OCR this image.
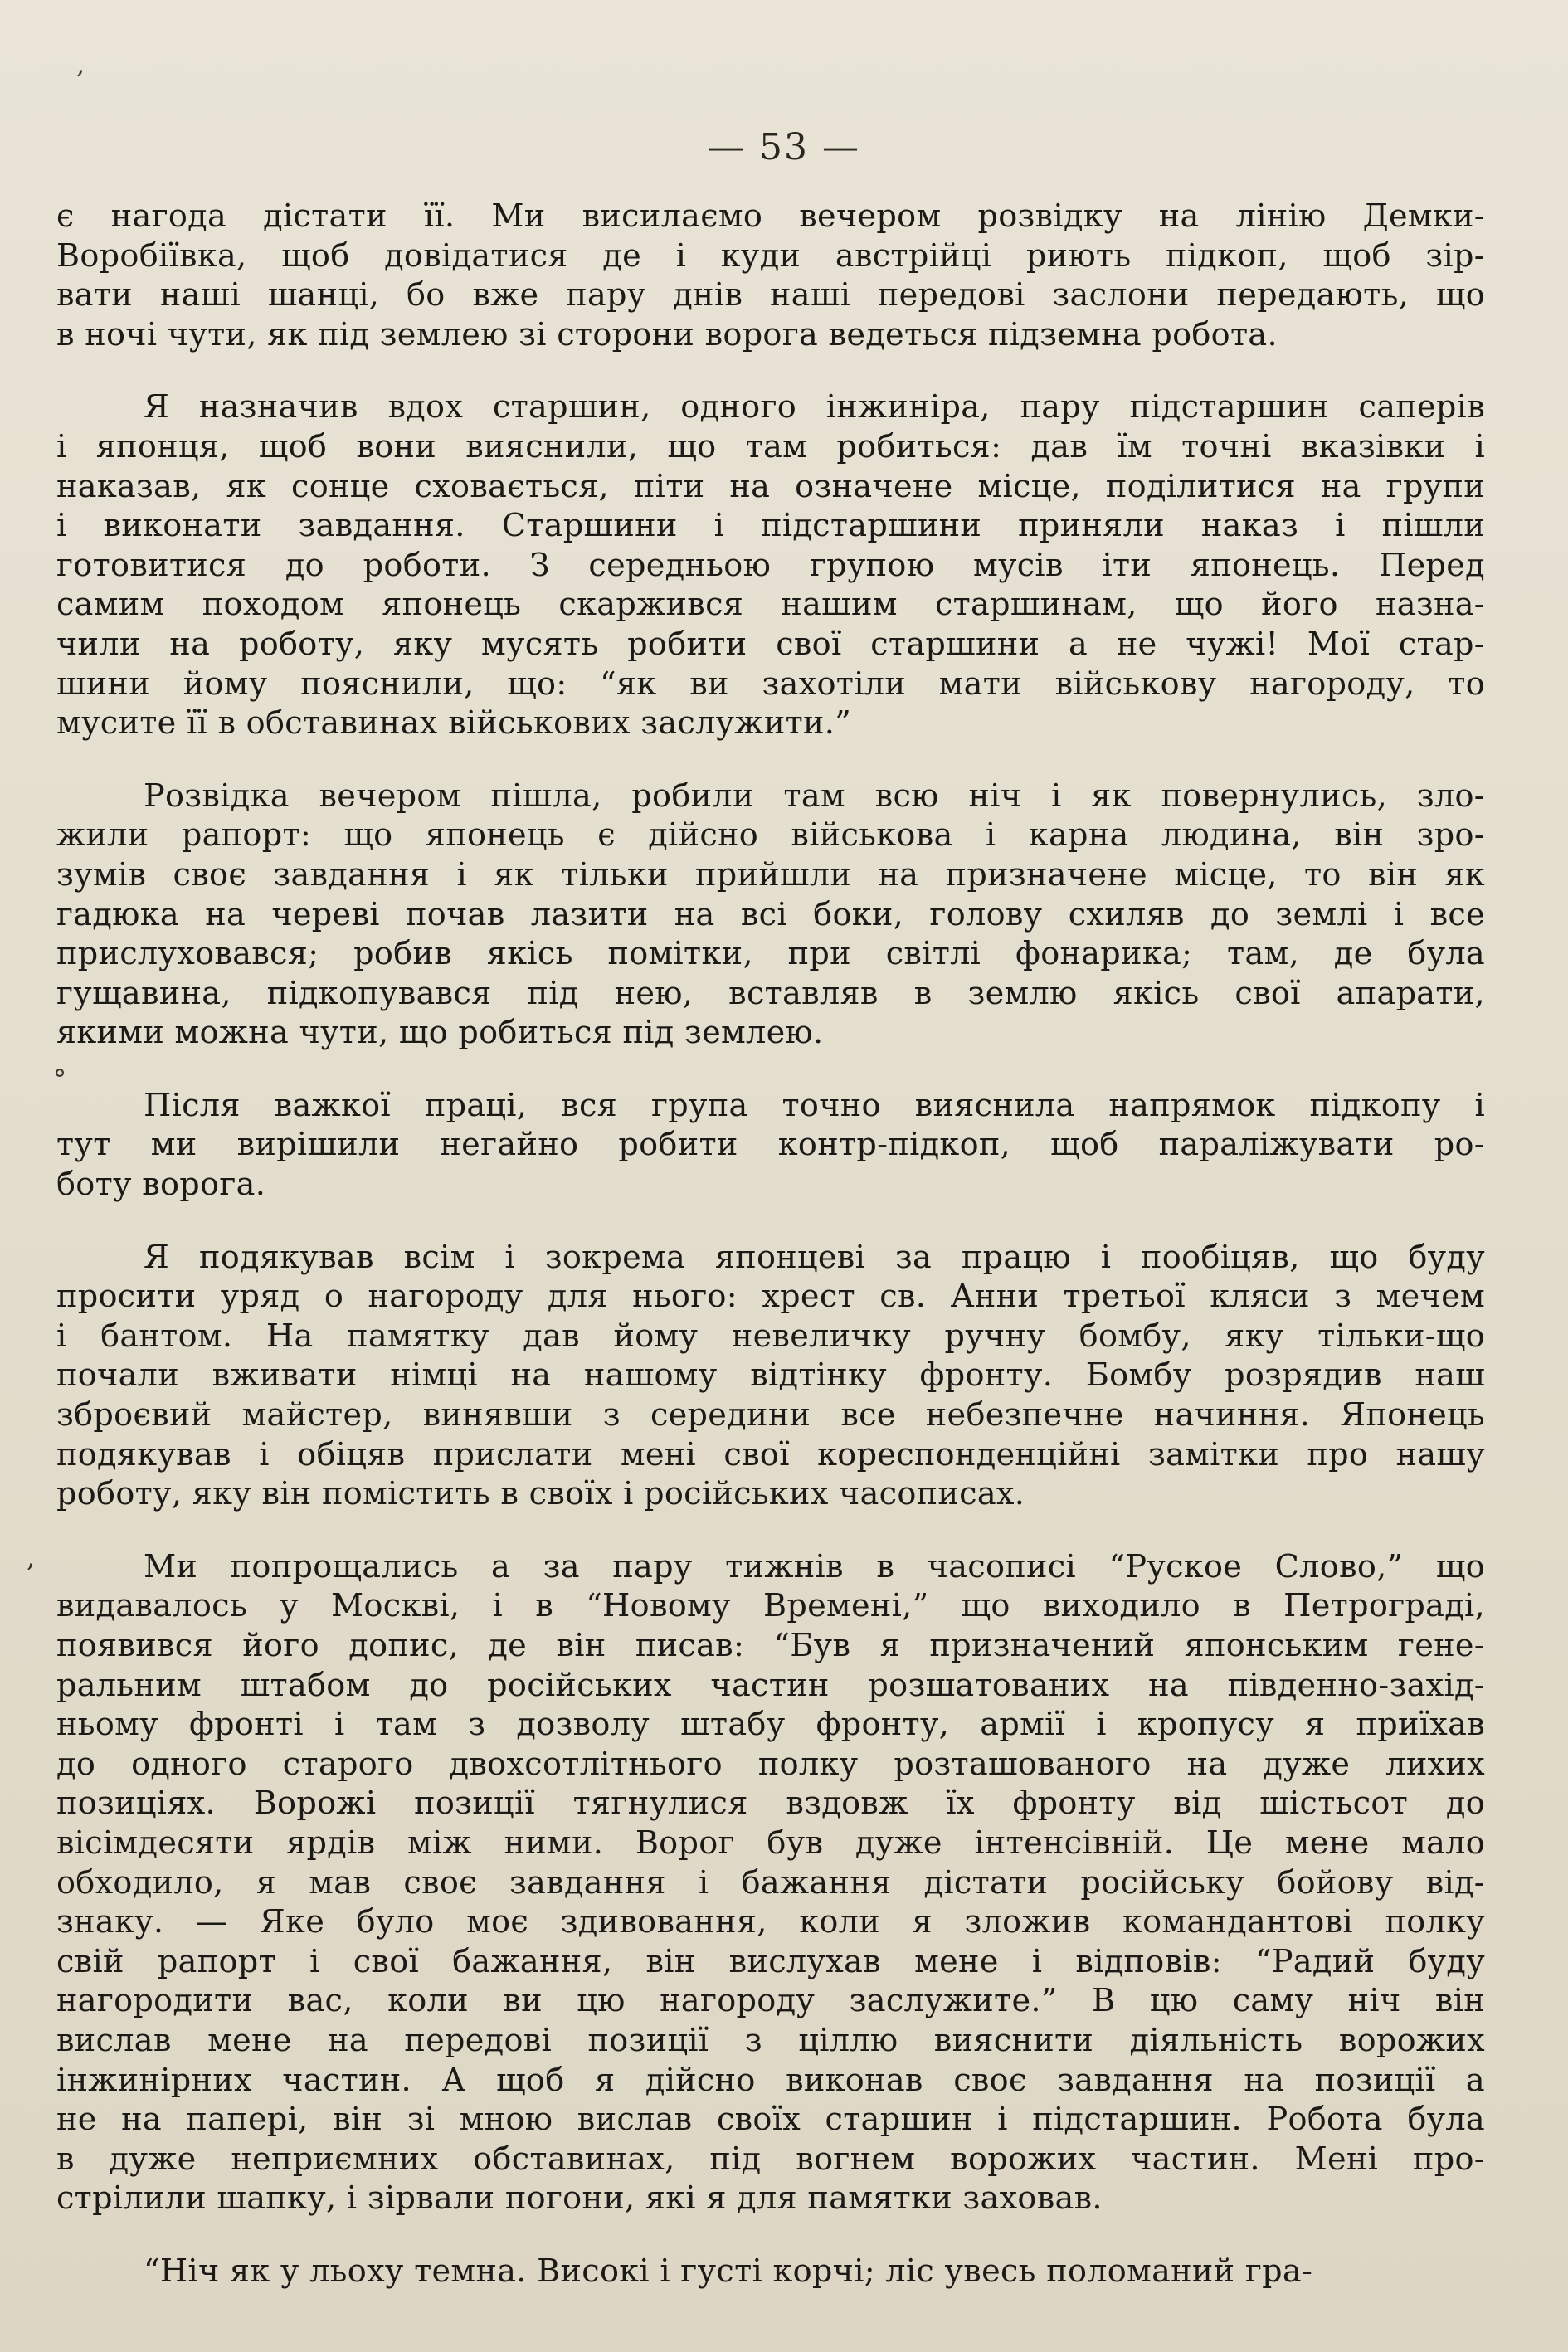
— 53 —
,
°
,
є нагода дістати її. Ми висилаємо вечером розвідку на лінію Демки-
Воробіївка, щоб довідатися де і куди австрійці риють підкоп, щоб зір-
вати наші шанці, бо вже пару днів наші передові заслони передають, що
в ночі чути, як під землею зі сторони ворога ведеться підземна робота.
Я назначив вдох старшин, одного інжиніра, пару підстаршин саперів
і японця, щоб вони вияснили, що там робиться: дав їм точні вказівки і
наказав, як сонце сховається, піти на означене місце, поділитися на групи
і виконати завдання. Старшини і підстаршини приняли наказ і пішли
готовитися до роботи. З середньою групою мусів іти японець. Перед
самим походом японець скаржився нашим старшинам, що його назна-
чили на роботу, яку мусять робити свої старшини а не чужі! Мої стар-
шини йому пояснили, що: “як ви захотіли мати військову нагороду, то
мусите її в обставинах військових заслужити.”
Розвідка вечером пішла, робили там всю ніч і як повернулись, зло-
жили рапорт: що японець є дійсно військова і карна людина, він зро-
зумів своє завдання і як тільки прийшли на призначене місце, то він як
гадюка на череві почав лазити на всі боки, голову схиляв до землі і все
прислуховався; робив якісь помітки, при світлі фонарика; там, де була
гущавина, підкопувався під нею, вставляв в землю якісь свої апарати,
якими можна чути, що робиться під землею.
Після важкої праці, вся група точно вияснила напрямок підкопу і
тут ми вирішили негайно робити контр-підкоп, щоб параліжувати ро-
боту ворога.
Я подякував всім і зокрема японцеві за працю і пообіцяв, що буду
просити уряд о нагороду для нього: хрест св. Анни третьої кляси з мечем
і бантом. На памятку дав йому невеличку ручну бомбу, яку тільки-що
почали вживати німці на нашому відтінку фронту. Бомбу розрядив наш
зброєвий майстер, винявши з середини все небезпечне начиння. Японець
подякував і обіцяв прислати мені свої кореспонденційні замітки про нашу
роботу, яку він помістить в своїх і російських часописах.
Ми попрощались а за пару тижнів в часописі “Руское Слово,” що
видавалось у Москві, і в “Новому Времені,” що виходило в Петрограді,
появився його допис, де він писав: “Був я призначений японським гене-
ральним штабом до російських частин розшатованих на південно-захід-
ньому фронті і там з дозволу штабу фронту, армії і кропусу я приїхав
до одного старого двохсотлітнього полку розташованого на дуже лихих
позиціях. Ворожі позиції тягнулися вздовж їх фронту від шістьсот до
вісімдесяти ярдів між ними. Ворог був дуже інтенсівній. Це мене мало
обходило, я мав своє завдання і бажання дістати російську бойову від-
знаку. — Яке було моє здивовання, коли я зложив командантові полку
свій рапорт і свої бажання, він вислухав мене і відповів: “Радий буду
нагородити вас, коли ви цю нагороду заслужите.” В цю саму ніч він
вислав мене на передові позиції з ціллю вияснити діяльність ворожих
інжинірних частин. А щоб я дійсно виконав своє завдання на позиції а
не на папері, він зі мною вислав своїх старшин і підстаршин. Робота була
в дуже неприємних обставинах, під вогнем ворожих частин. Мені про-
стрілили шапку, і зірвали погони, які я для памятки заховав.
“Ніч як у льоху темна. Високі і густі корчі; ліс увесь поломаний гра-
